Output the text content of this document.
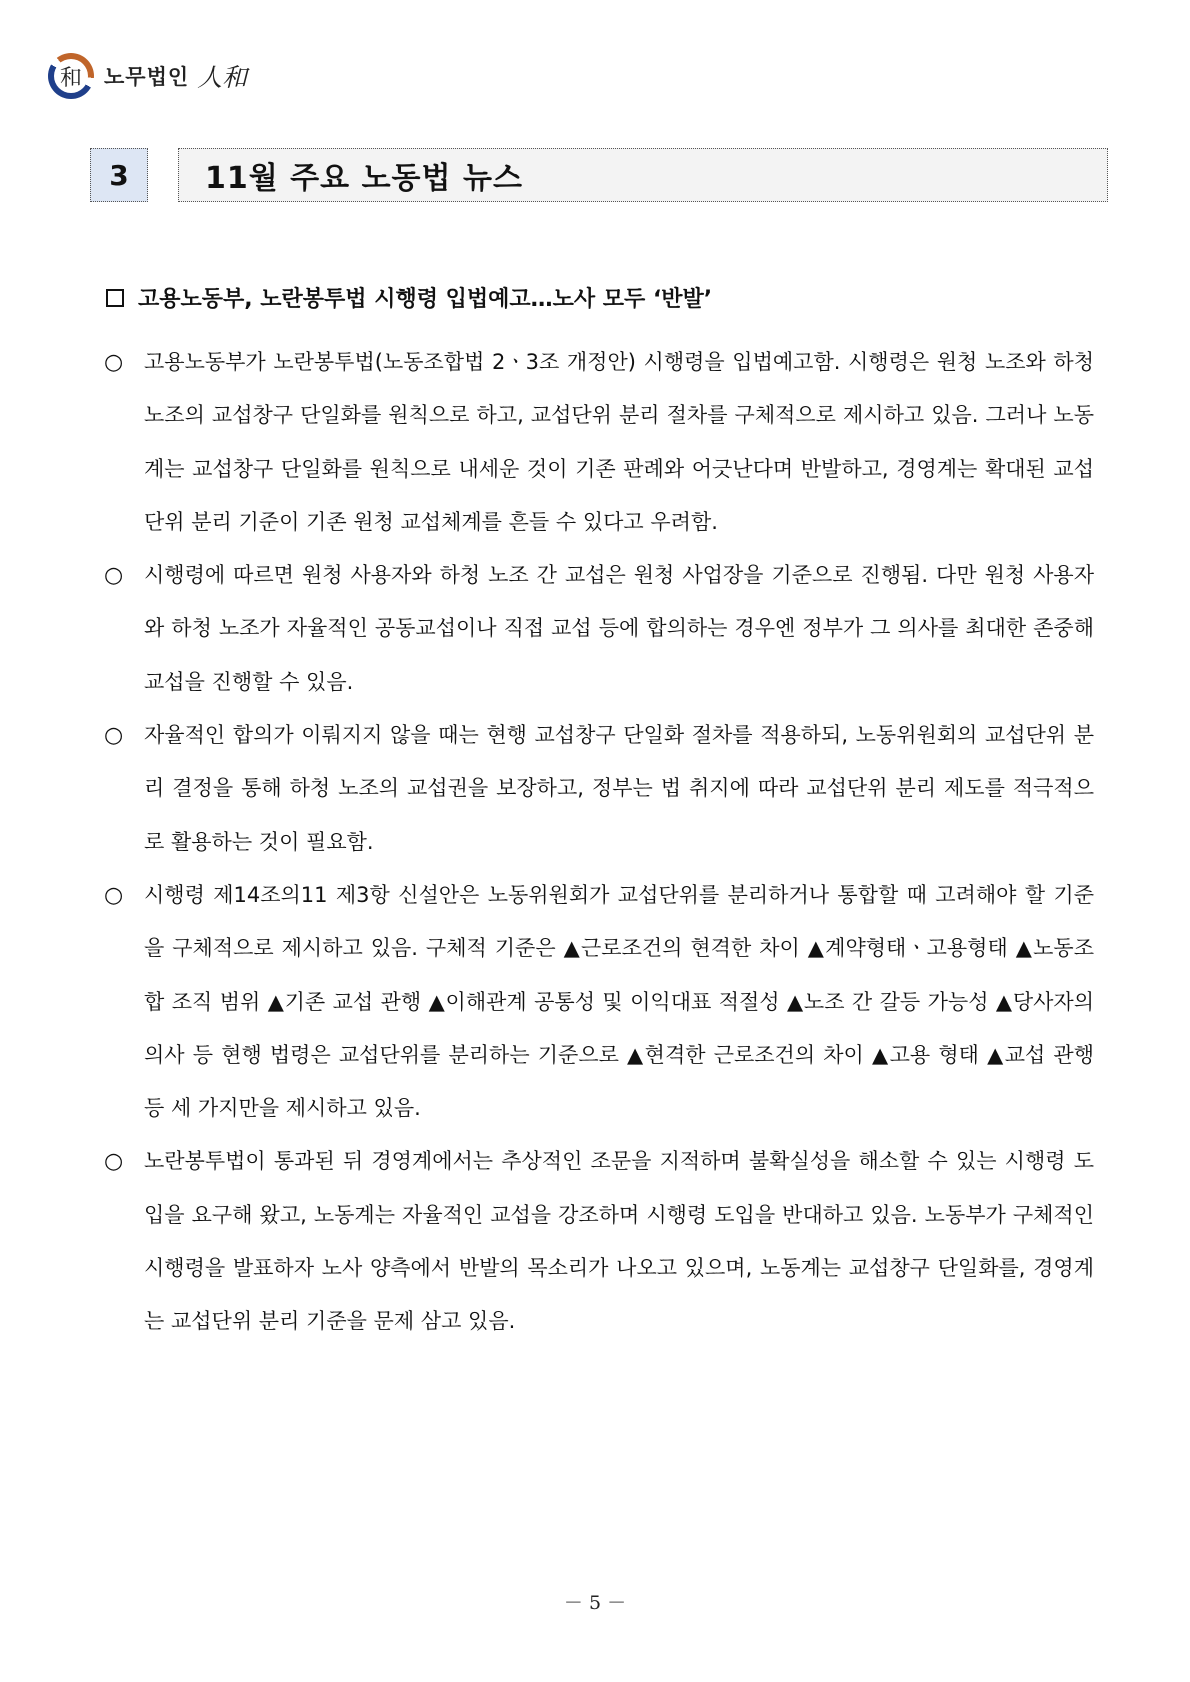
和 노무법인 人和
3	11월 주요 노동법 뉴스
고용노동부, 노란봉투법 시행령 입법예고…노사 모두 ‘반발’
○ 고용노동부가 노란봉투법(노동조합법 2ㆍ3조 개정안) 시행령을 입법예고함. 시행령은 원청 노조와 하청 노조의 교섭창구 단일화를 원칙으로 하고, 교섭단위 분리 절차를 구체적으로 제시하고 있음. 그러나 노동계는 교섭창구 단일화를 원칙으로 내세운 것이 기존 판례와 어긋난다며 반발하고, 경영계는 확대된 교섭단위 분리 기준이 기존 원청 교섭체계를 흔들 수 있다고 우려함.
○ 시행령에 따르면 원청 사용자와 하청 노조 간 교섭은 원청 사업장을 기준으로 진행됨. 다만 원청 사용자와 하청 노조가 자율적인 공동교섭이나 직접 교섭 등에 합의하는 경우엔 정부가 그 의사를 최대한 존중해 교섭을 진행할 수 있음.
○ 자율적인 합의가 이뤄지지 않을 때는 현행 교섭창구 단일화 절차를 적용하되, 노동위원회의 교섭단위 분리 결정을 통해 하청 노조의 교섭권을 보장하고, 정부는 법 취지에 따라 교섭단위 분리 제도를 적극적으로 활용하는 것이 필요함.
○ 시행령 제14조의11 제3항 신설안은 노동위원회가 교섭단위를 분리하거나 통합할 때 고려해야 할 기준을 구체적으로 제시하고 있음. 구체적 기준은 ▲근로조건의 현격한 차이 ▲계약형태ㆍ고용형태 ▲노동조합 조직 범위 ▲기존 교섭 관행 ▲이해관계 공통성 및 이익대표 적절성 ▲노조 간 갈등 가능성 ▲당사자의 의사 등 현행 법령은 교섭단위를 분리하는 기준으로 ▲현격한 근로조건의 차이 ▲고용 형태 ▲교섭 관행 등 세 가지만을 제시하고 있음.
○ 노란봉투법이 통과된 뒤 경영계에서는 추상적인 조문을 지적하며 불확실성을 해소할 수 있는 시행령 도입을 요구해 왔고, 노동계는 자율적인 교섭을 강조하며 시행령 도입을 반대하고 있음. 노동부가 구체적인 시행령을 발표하자 노사 양측에서 반발의 목소리가 나오고 있으며, 노동계는 교섭창구 단일화를, 경영계는 교섭단위 분리 기준을 문제 삼고 있음.
－ 5 －
